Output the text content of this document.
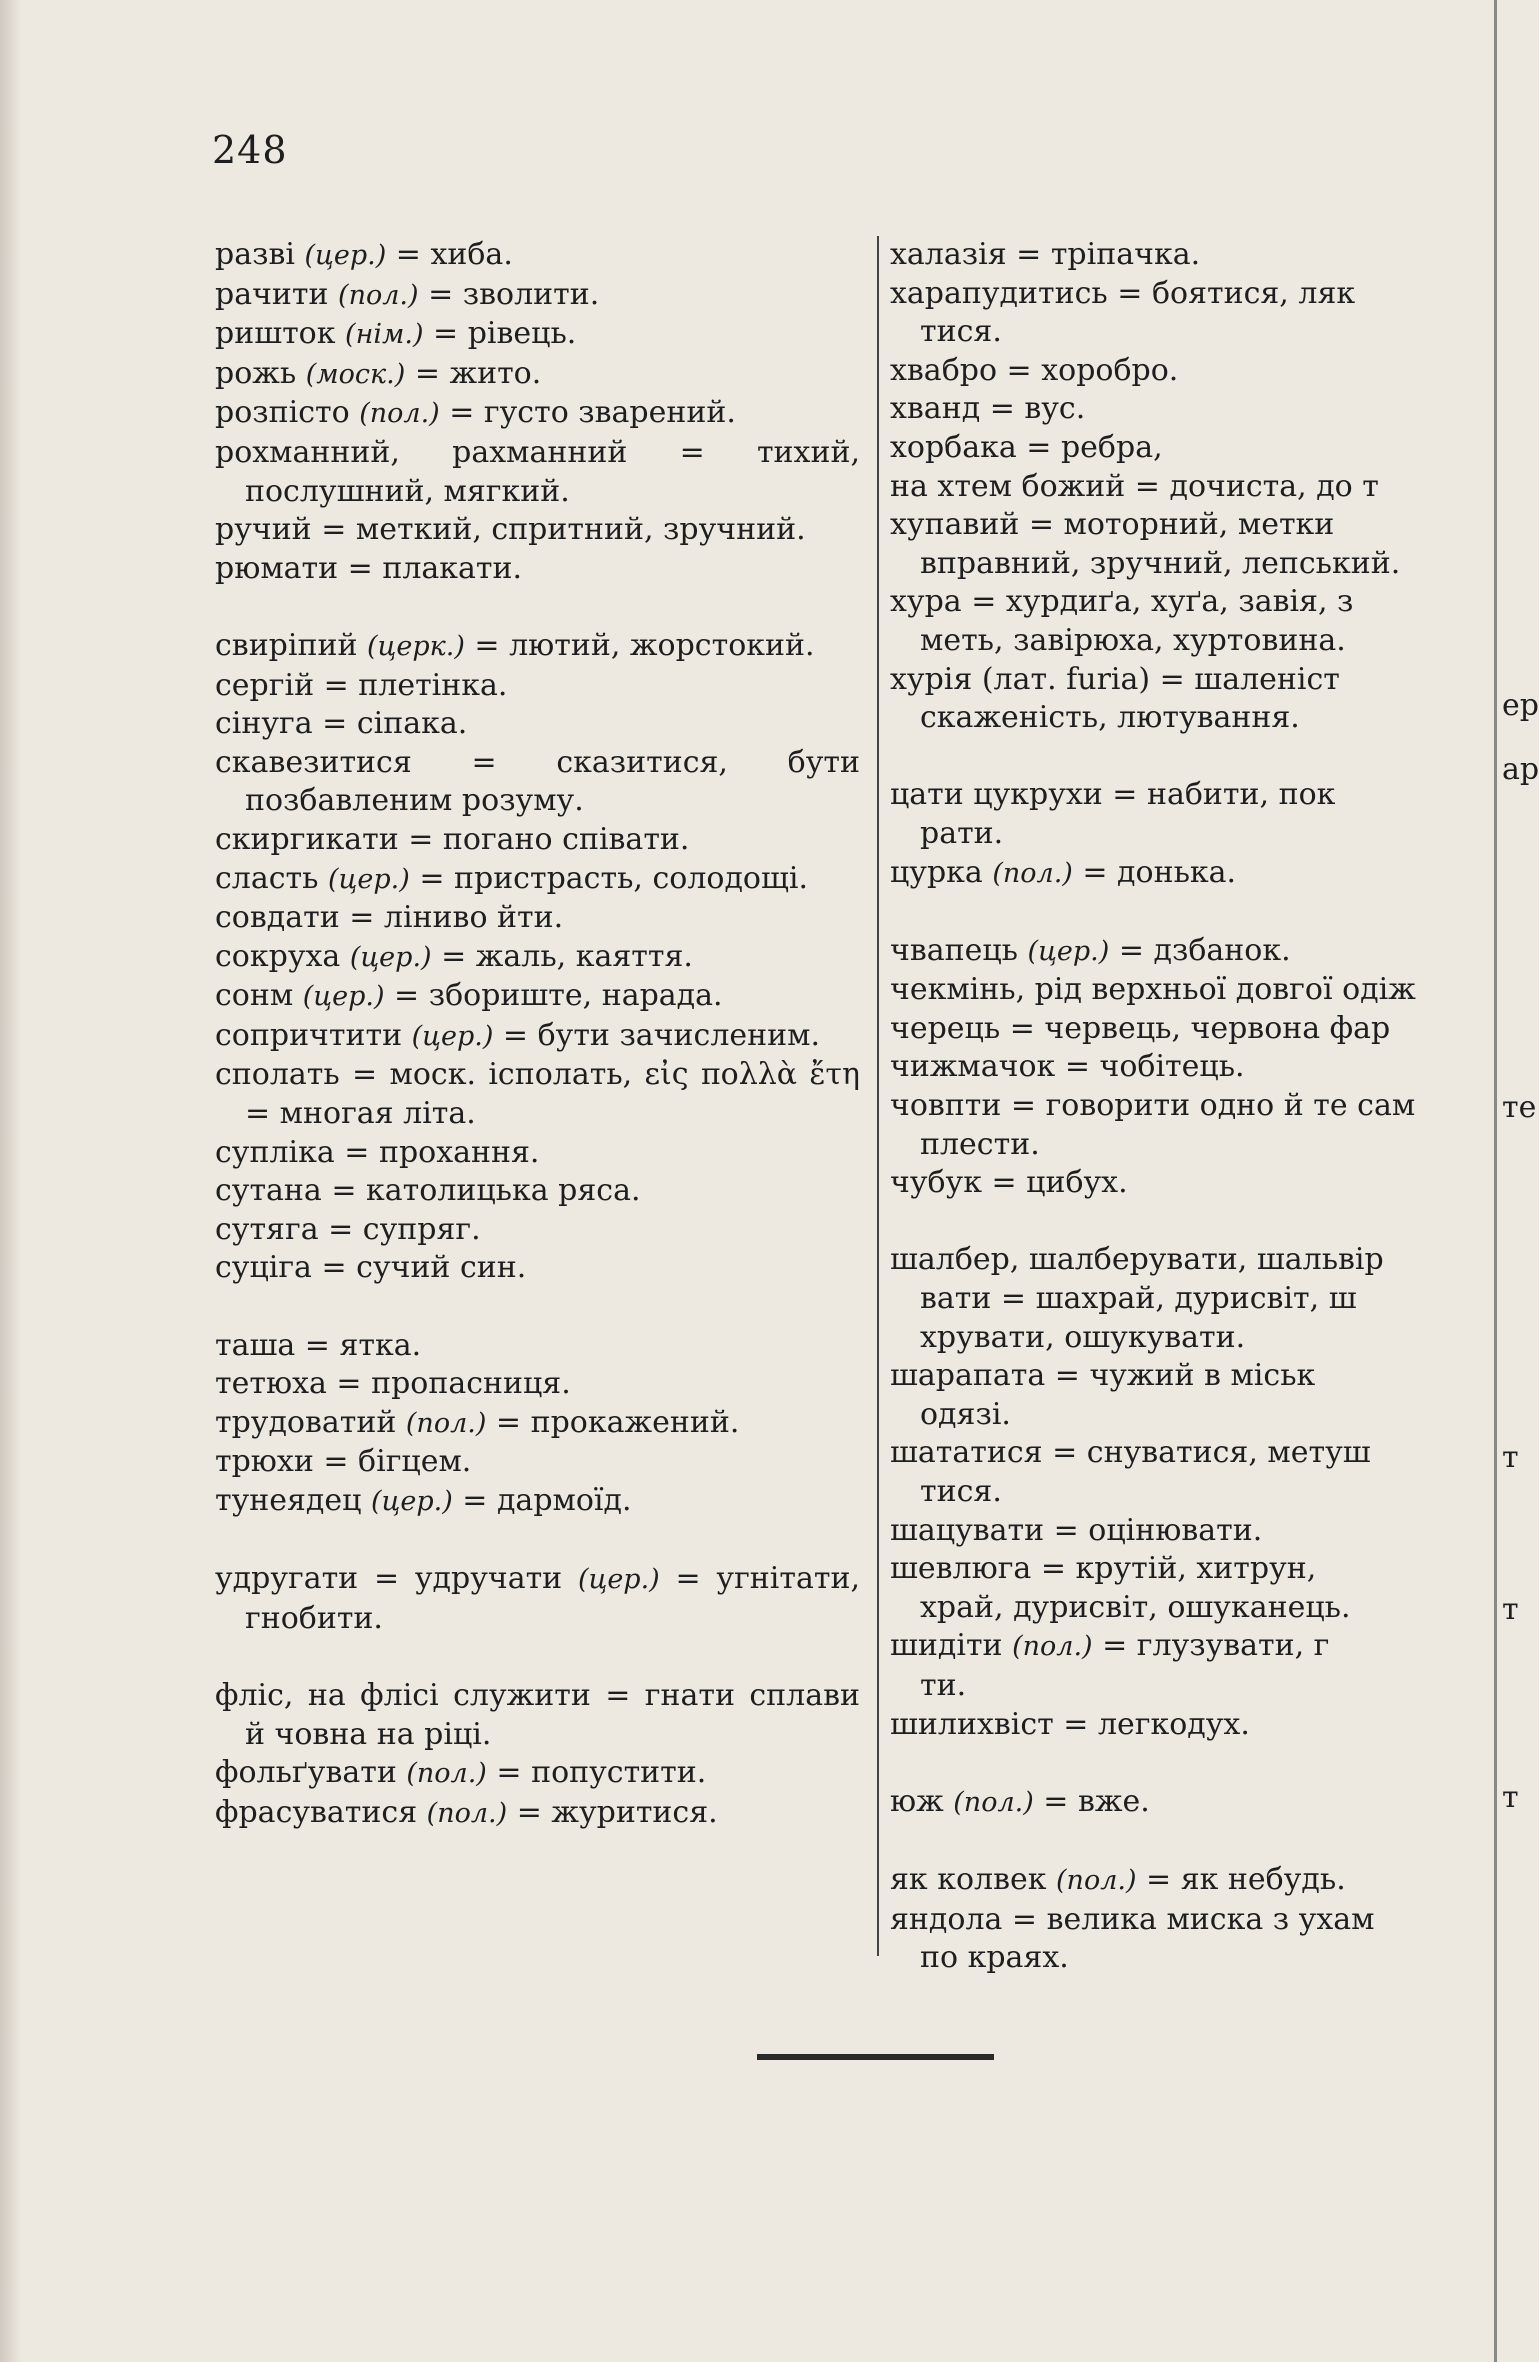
248
разві (цер.) = хиба.
рачити (пол.) = зволити.
ришток (нім.) = рівець.
рожь (моск.) = жито.
розпісто (пол.) = густо зварений.
рохманний, рахманний = тихий, послушний, мягкий.
ручий = меткий, спритний, зручний.
рюмати = плакати.
свиріпий (церк.) = лютий, жорстокий.
сергій = плетінка.
сінуга = сіпака.
скавезитися = сказитися, бути позбавленим розуму.
скиргикати = погано співати.
сласть (цер.) = пристрасть, солодощі.
совдати = ліниво йти.
сокруха (цер.) = жаль, каяття.
сонм (цер.) = збориште, нарада.
сопричтити (цер.) = бути зачисленим.
сполать = моск. ісполать, εἰς πολλὰ ἔτη = многая літа.
супліка = прохання.
сутана = католицька ряса.
сутяга = супряг.
суціга = сучий син.
таша = ятка.
тетюха = пропасниця.
трудоватий (пол.) = прокажений.
трюхи = бігцем.
тунеядец (цер.) = дармоїд.
удругати = удручати (цер.) = угнітати, гнобити.
фліс, на флісі служити = гнати сплави й човна на ріці.
фольґувати (пол.) = попустити.
фрасуватися (пол.) = журитися.
халазія = тріпачка.
харапудитись = боятися, ляк
тися.
хвабро = хоробро.
хванд = вус.
хорбака = ребра,
на хтем божий = дочиста, до т
хупавий = моторний, метки
вправний, зручний, лепський.
хура = хурдиґа, хуґа, завія, з
меть, завірюха, хуртовина.
хурія (лат. furia) = шаленіст
скаженість, лютування.
цати цукрухи = набити, пок
рати.
цурка (пол.) = донька.
чвапець (цер.) = дзбанок.
чекмінь, рід верхньої довгої одіж
черець = червець, червона фар
чижмачок = чобітець.
човпти = говорити одно й те сам
плести.
чубук = цибух.
шалбер, шалберувати, шальвір
вати = шахрай, дурисвіт, ш
хрувати, ошукувати.
шарапата = чужий в міськ
одязі.
шататися = снуватися, метуш
тися.
шацувати = оцінювати.
шевлюга = крутій, хитрун,
храй, дурисвіт, ошуканець.
шидіти (пол.) = глузувати, г
ти.
шилихвіст = легкодух.
юж (пол.) = вже.
як колвек (пол.) = як небудь.
яндола = велика миска з ухам
по краях.
ер
ар
те
т
т
т
